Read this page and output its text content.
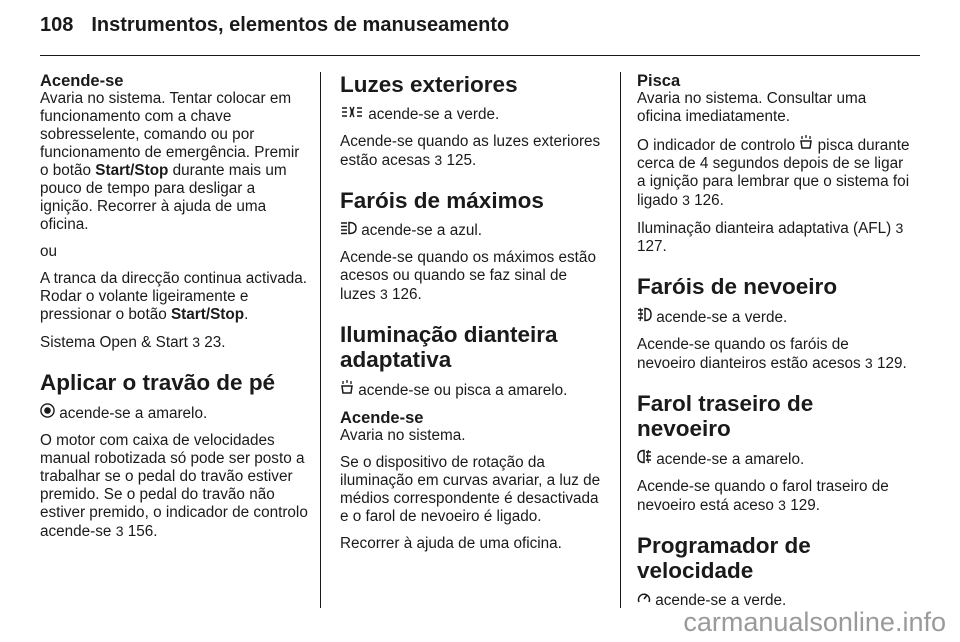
108 Instrumentos, elementos de manuseamento
Acende-se

Avaria no sistema. Tentar colocar em funcionamento com a chave sobresselente, comando ou por funcionamento de emergência. Premir o botão Start/Stop durante mais um pouco de tempo para desligar a ignição. Recorrer à ajuda de uma oficina.

ou

A tranca da direcção continua activada. Rodar o volante ligeiramente e pressionar o botão Start/Stop.

Sistema Open & Start 3 23.

Aplicar o travão de pé

acende-se a amarelo.

O motor com caixa de velocidades manual robotizada só pode ser posto a trabalhar se o pedal do travão estiver premido. Se o pedal do travão não estiver premido, o indicador de controlo acende-se 3 156.

Luzes exteriores

acende-se a verde.

Acende-se quando as luzes exteriores estão acesas 3 125.

Faróis de máximos

acende-se a azul.

Acende-se quando os máximos estão acesos ou quando se faz sinal de luzes 3 126.

Iluminação dianteira adaptativa

acende-se ou pisca a amarelo.

Acende-se

Avaria no sistema.

Se o dispositivo de rotação da iluminação em curvas avariar, a luz de médios correspondente é desactivada e o farol de nevoeiro é ligado.

Recorrer à ajuda de uma oficina.

Pisca

Avaria no sistema. Consultar uma oficina imediatamente.

O indicador de controlo  pisca durante cerca de 4 segundos depois de se ligar a ignição para lembrar que o sistema foi ligado 3 126.

Iluminação dianteira adaptativa (AFL) 3 127.

Faróis de nevoeiro

acende-se a verde.

Acende-se quando os faróis de nevoeiro dianteiros estão acesos 3 129.

Farol traseiro de nevoeiro

acende-se a amarelo.

Acende-se quando o farol traseiro de nevoeiro está aceso 3 129.

Programador de velocidade

acende-se a verde.

carmanualsonline.info
